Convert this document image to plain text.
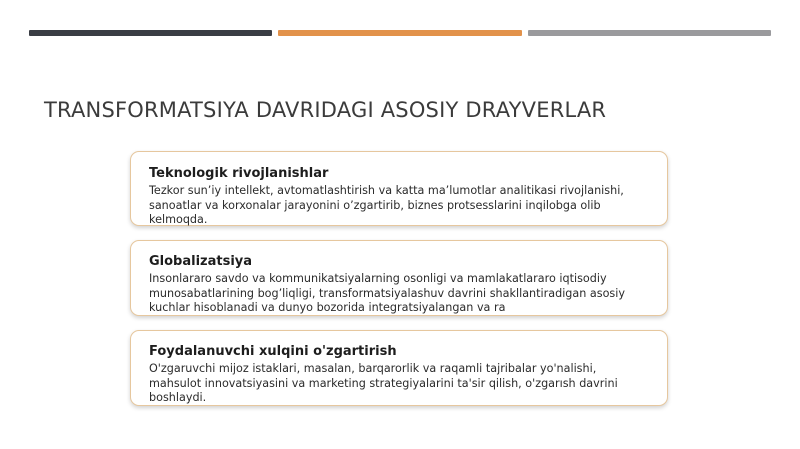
TRANSFORMATSIYA DAVRIDAGI ASOSIY DRAYVERLAR
Teknologik rivojlanishlar

Tezkor sun’iy intellekt, avtomatlashtirish va katta ma’lumotlar analitikasi rivojlanishi, sanoatlar va korxonalar jarayonini o’zgartirib, biznes protsesslarini inqilobga olib kelmoqda.

Globalizatsiya

Insonlararo savdo va kommunikatsiyalarning osonligi va mamlakatlararo iqtisodiy munosabatlarining bog’liqligi, transformatsiyalashuv davrini shakllantiradigan asosiy kuchlar hisoblanadi va dunyo bozorida integratsiyalangan va ra

Foydalanuvchi xulqini o'zgartirish

O'zgaruvchi mijoz istaklari, masalan, barqarorlik va raqamli tajribalar yo'nalishi, mahsulot innovatsiyasini va marketing strategiyalarini ta'sir qilish, o'zgarısh davrini boshlaydi.
